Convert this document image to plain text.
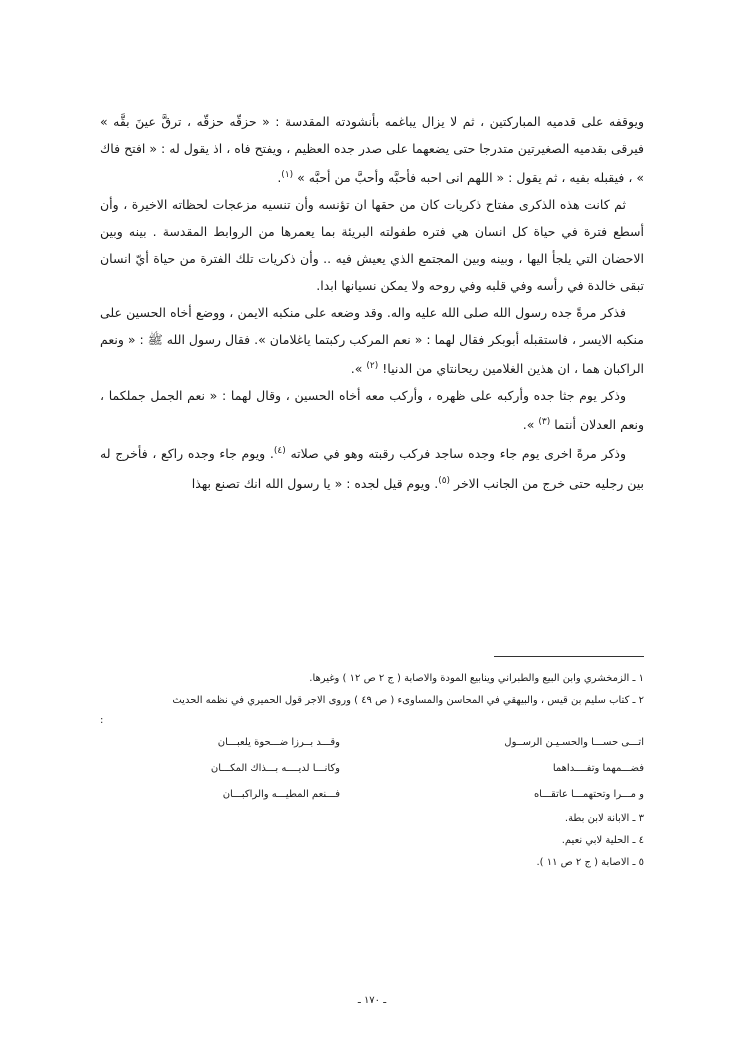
ويوقفه على قدميه المباركتين ، ثم لا يزال يباغمه بأنشودته المقدسة : « حزقّه حزقّه ، ترقَّ عينَ بقَّه » فيرقى بقدميه الصغيرتين متدرجا حتى يضعهما على صدر جده العظيم ، ويفتح فاه ، اذ يقول له : « افتح فاك » ، فيقبله بفيه ، ثم يقول : « اللهم انى احبه فأحبَّه وأحبَّ من أحبَّه » $^{(١)}$.

ثم كانت هذه الذكرى مفتاح ذكريات كان من حقها ان تؤنسه وأن تنسيه مزعجات لحظاته الاخيرة ، وأن أسطع فترة في حياة كل انسان هي فتره طفولته البريئة بما يعمرها من الروابط المقدسة . بينه وبين الاحضان التي يلجأ اليها ، وبينه وبين المجتمع الذي يعيش فيه .. وأن ذكريات تلك الفترة من حياة أيّ انسان تبقى خالدة في رأسه وفي قلبه وفي روحه ولا يمكن نسيانها ابدا.

فذكر مرةً جده رسول الله صلى الله عليه واله. وقد وضعه على منكبه الايمن ، ووضع أخاه الحسين على منكبه الايسر ، فاستقبله أبوبكر فقال لهما : « نعم المركب ركبتما ياغلامان ». فقال رسول الله ﷺ : « ونعم الراكبان هما ، ان هذين الغلامين ريحانتاي من الدنيا! $^{(٢)}$ ».

وذكر يوم جثا جده وأركبه على ظهره ، وأركب معه أخاه الحسين ، وقال لهما : « نعم الجمل جملكما ، ونعم العدلان أنتما $^{(٣)}$ ».

وذكر مرةً اخرى يوم جاء وجده ساجد فركب رقبته وهو في صلاته $^{(٤)}$. ويوم جاء وجده راكع ، فأخرج له بين رجليه حتى خرج من الجانب الاخر $^{(٥)}$. ويوم قيل لجده : « يا رسول الله انك تصنع بهذا

١ ـ الزمخشري وابن البيع والطبراني وينابيع المودة والاصابة ( ج ٢ ص ١٢ ) وغيرها.

٢ ـ كتاب سليم بن قيس ، والبيهقي في المحاسن والمساوىء ( ص ٤٩ ) وروى الاجر قول الحميري في نظمه الحديث

:

اتـــى حســـا والحسـيـن الرســول
وقـــد بــرزا ضـــحوة يلعبـــان
فضـــمهما وتفــــداهما
وكانـــا لديــــه بـــذاك المكـــان
و مـــرا وتحتهمـــا عاتقـــاه
فـــنعم المطيـــه والراكبـــان

٣ ـ الابانة لابن بطة.

٤ ـ الحلية لابي نعيم.

٥ ـ الاصابة ( ج ٢ ص ١١ ).

ـ ١٧٠ ـ
